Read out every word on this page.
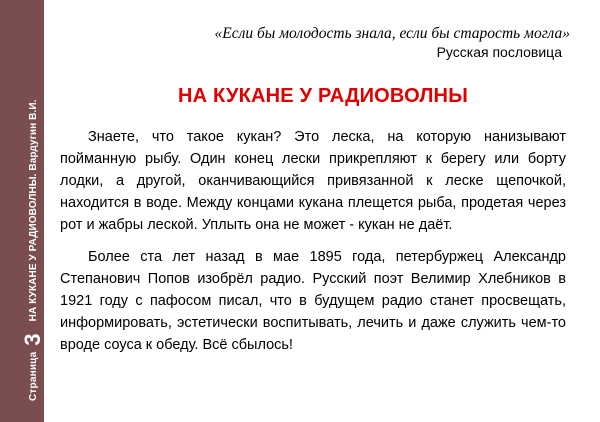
Страница
3
НА КУКАНЕ У РАДИОВОЛНЫ. Вардугин В.И.
«Если бы молодость знала, если бы старость могла»
Русская пословица
НА КУКАНЕ У РАДИОВОЛНЫ

Знаете, что такое кукан? Это леска, на которую нанизывают пойманную рыбу. Один конец лески прикрепляют к берегу или борту лодки, а другой, оканчивающийся привязанной к леске щепочкой, находится в воде. Между концами кукана плещется рыба, продетая через рот и жабры леской. Уплыть она не может - кукан не даёт.

Более ста лет назад в мае 1895 года, петербуржец Александр Степанович Попов изобрёл радио. Русский поэт Велимир Хлебников в 1921 году с пафосом писал, что в будущем радио станет просвещать, информировать, эстетически воспитывать, лечить и даже служить чем-то вроде соуса к обеду. Всё сбылось!
